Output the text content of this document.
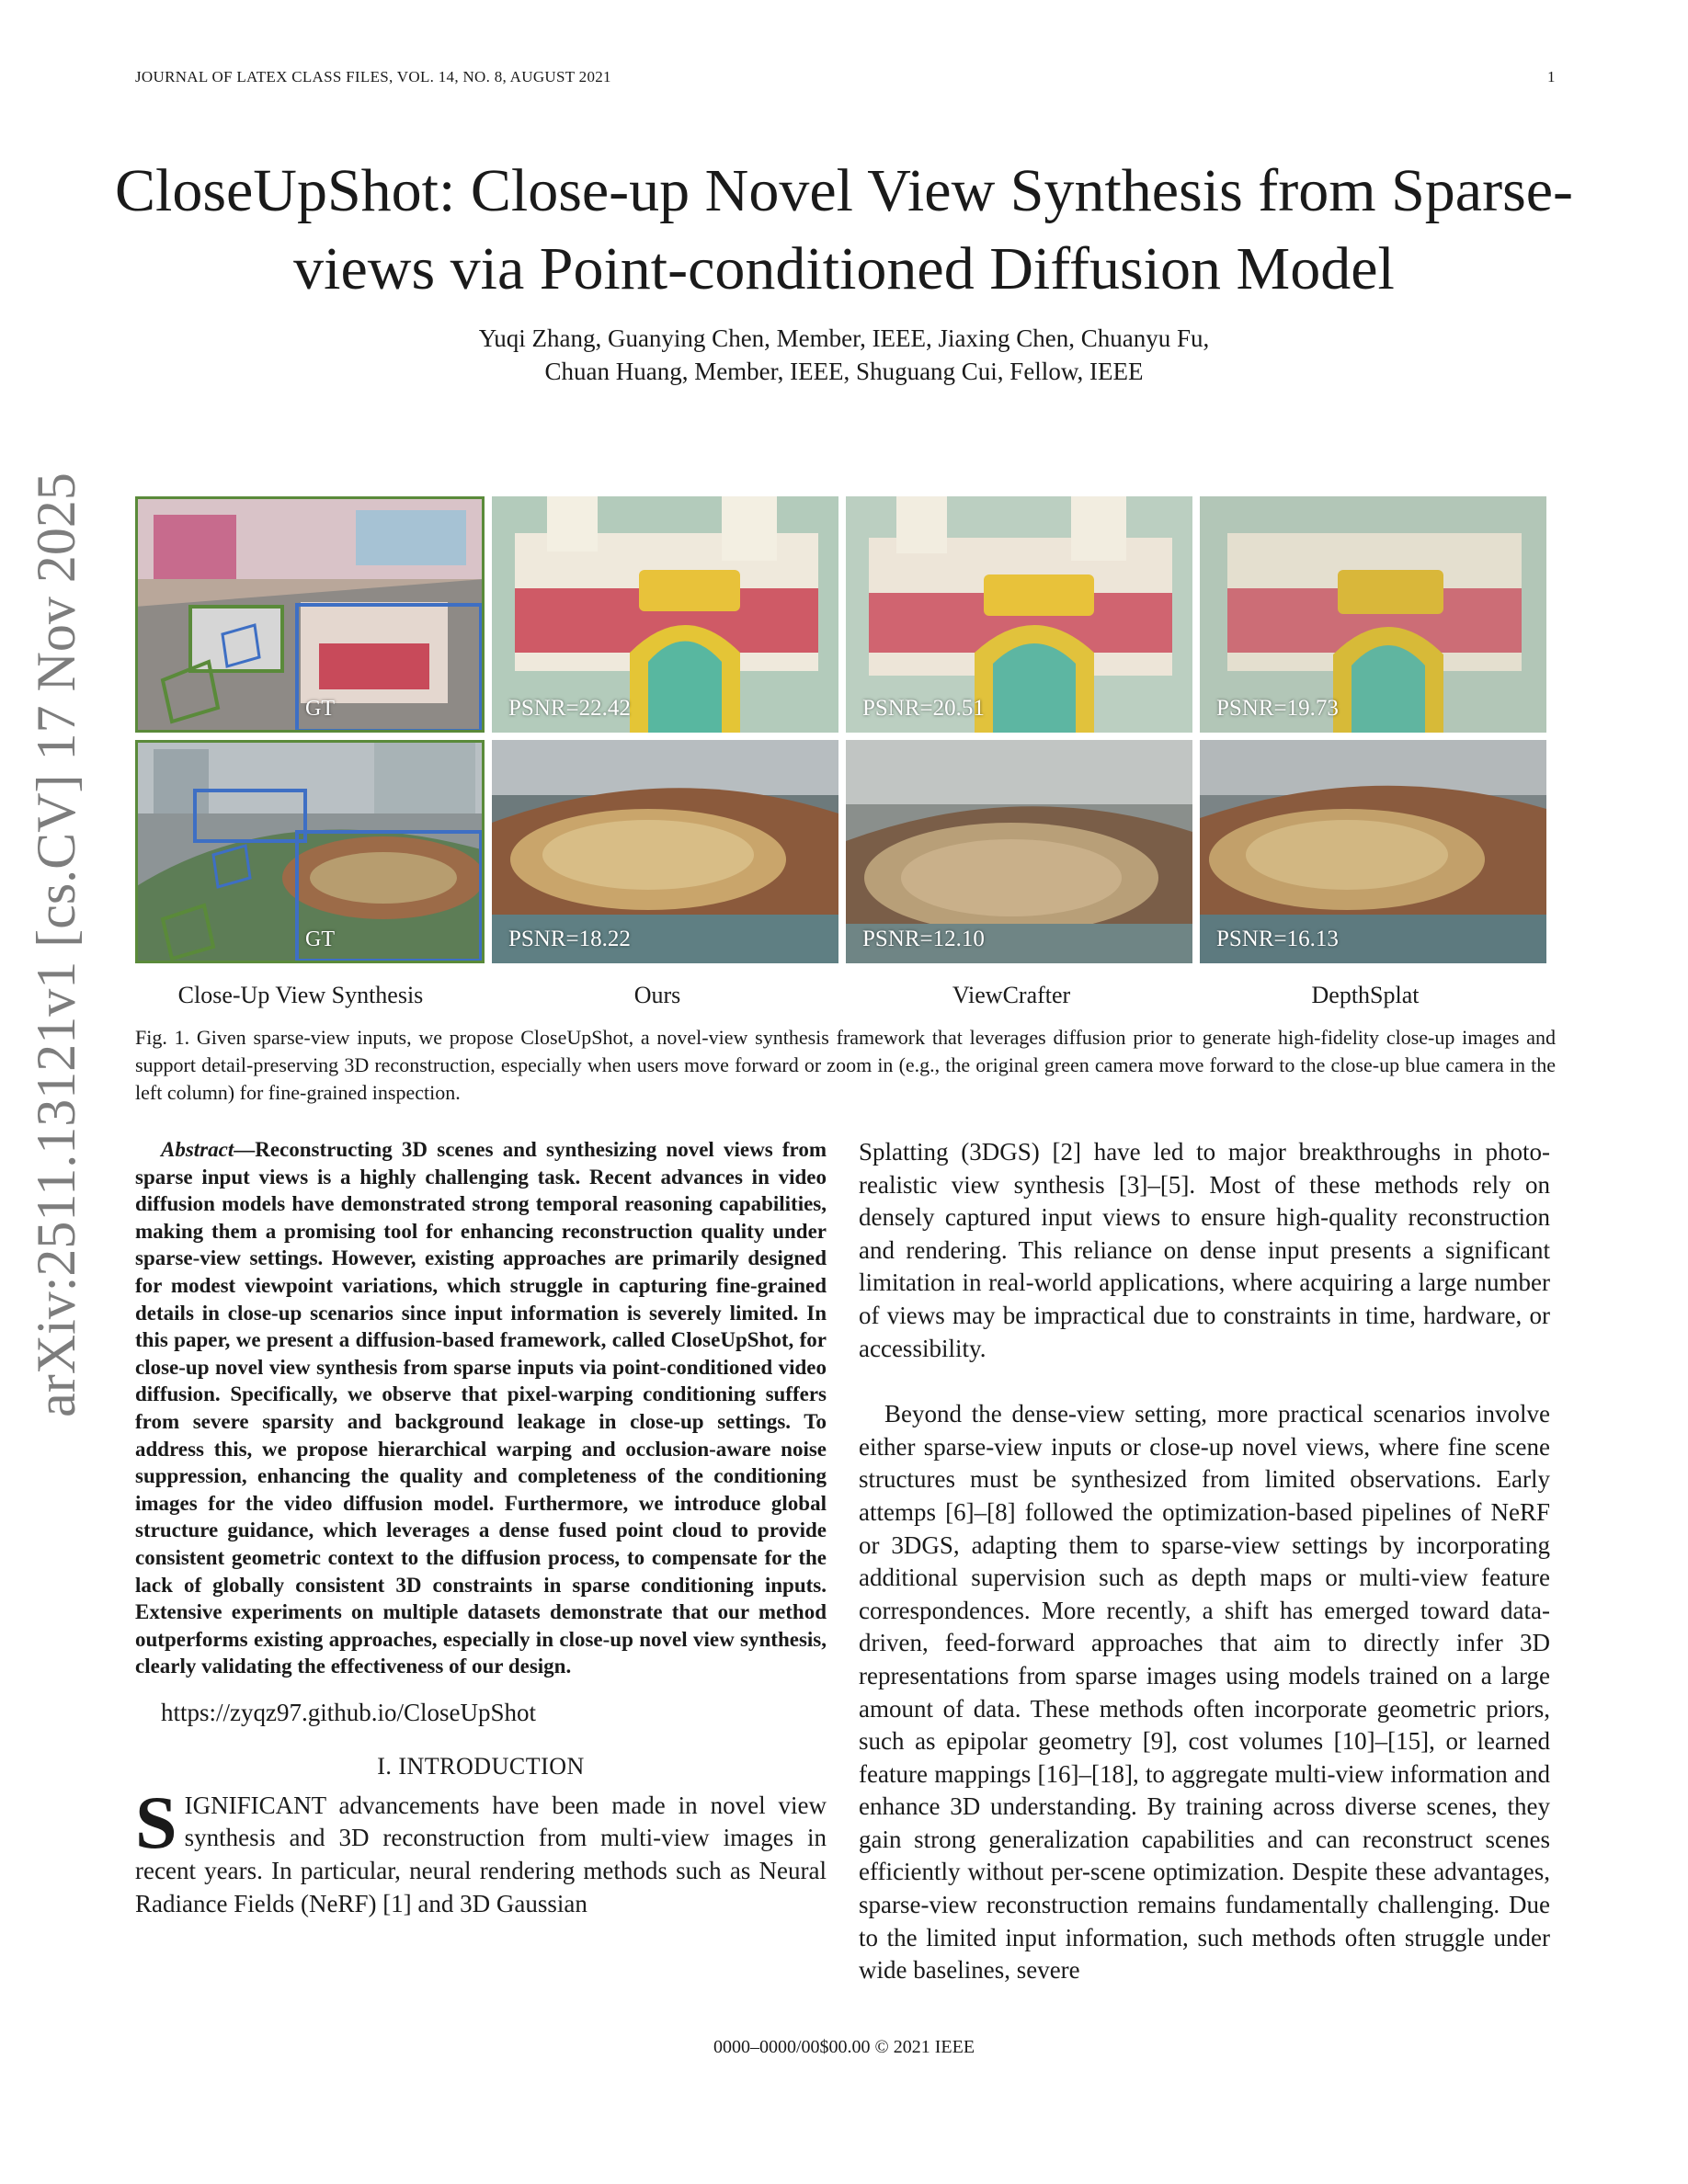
JOURNAL OF LATEX CLASS FILES, VOL. 14, NO. 8, AUGUST 2021	1
arXiv:2511.13121v1 [cs.CV] 17 Nov 2025
CloseUpShot: Close-up Novel View Synthesis from Sparse-views via Point-conditioned Diffusion Model
Yuqi Zhang, Guanying Chen, Member, IEEE, Jiaxing Chen, Chuanyu Fu,
Chuan Huang, Member, IEEE, Shuguang Cui, Fellow, IEEE
GT	PSNR=22.42	PSNR=20.51	PSNR=19.73
GT	PSNR=18.22	PSNR=12.10	PSNR=16.13
Close-Up View Synthesis	Ours	ViewCrafter	DepthSplat
Fig. 1. Given sparse-view inputs, we propose CloseUpShot, a novel-view synthesis framework that leverages diffusion prior to generate high-fidelity close-up images and support detail-preserving 3D reconstruction, especially when users move forward or zoom in (e.g., the original green camera move forward to the close-up blue camera in the left column) for fine-grained inspection.
Abstract—Reconstructing 3D scenes and synthesizing novel views from sparse input views is a highly challenging task. Recent advances in video diffusion models have demonstrated strong temporal reasoning capabilities, making them a promising tool for enhancing reconstruction quality under sparse-view settings. However, existing approaches are primarily designed for modest viewpoint variations, which struggle in capturing fine-grained details in close-up scenarios since input information is severely limited. In this paper, we present a diffusion-based framework, called CloseUpShot, for close-up novel view synthesis from sparse inputs via point-conditioned video diffusion. Specifically, we observe that pixel-warping conditioning suffers from severe sparsity and background leakage in close-up settings. To address this, we propose hierarchical warping and occlusion-aware noise suppression, enhancing the quality and completeness of the conditioning images for the video diffusion model. Furthermore, we introduce global structure guidance, which leverages a dense fused point cloud to provide consistent geometric context to the diffusion process, to compensate for the lack of globally consistent 3D constraints in sparse conditioning inputs. Extensive experiments on multiple datasets demonstrate that our method outperforms existing approaches, especially in close-up novel view synthesis, clearly validating the effectiveness of our design.
https://zyqz97.github.io/CloseUpShot
I. INTRODUCTION
SIGNIFICANT advancements have been made in novel view synthesis and 3D reconstruction from multi-view images in recent years. In particular, neural rendering methods such as Neural Radiance Fields (NeRF) [1] and 3D Gaussian
Splatting (3DGS) [2] have led to major breakthroughs in photo-realistic view synthesis [3]–[5]. Most of these methods rely on densely captured input views to ensure high-quality reconstruction and rendering. This reliance on dense input presents a significant limitation in real-world applications, where acquiring a large number of views may be impractical due to constraints in time, hardware, or accessibility.
Beyond the dense-view setting, more practical scenarios involve either sparse-view inputs or close-up novel views, where fine scene structures must be synthesized from limited observations. Early attemps [6]–[8] followed the optimization-based pipelines of NeRF or 3DGS, adapting them to sparse-view settings by incorporating additional supervision such as depth maps or multi-view feature correspondences. More recently, a shift has emerged toward data-driven, feed-forward approaches that aim to directly infer 3D representations from sparse images using models trained on a large amount of data. These methods often incorporate geometric priors, such as epipolar geometry [9], cost volumes [10]–[15], or learned feature mappings [16]–[18], to aggregate multi-view information and enhance 3D understanding. By training across diverse scenes, they gain strong generalization capabilities and can reconstruct scenes efficiently without per-scene optimization. Despite these advantages, sparse-view reconstruction remains fundamentally challenging. Due to the limited input information, such methods often struggle under wide baselines, severe
0000–0000/00$00.00 © 2021 IEEE
